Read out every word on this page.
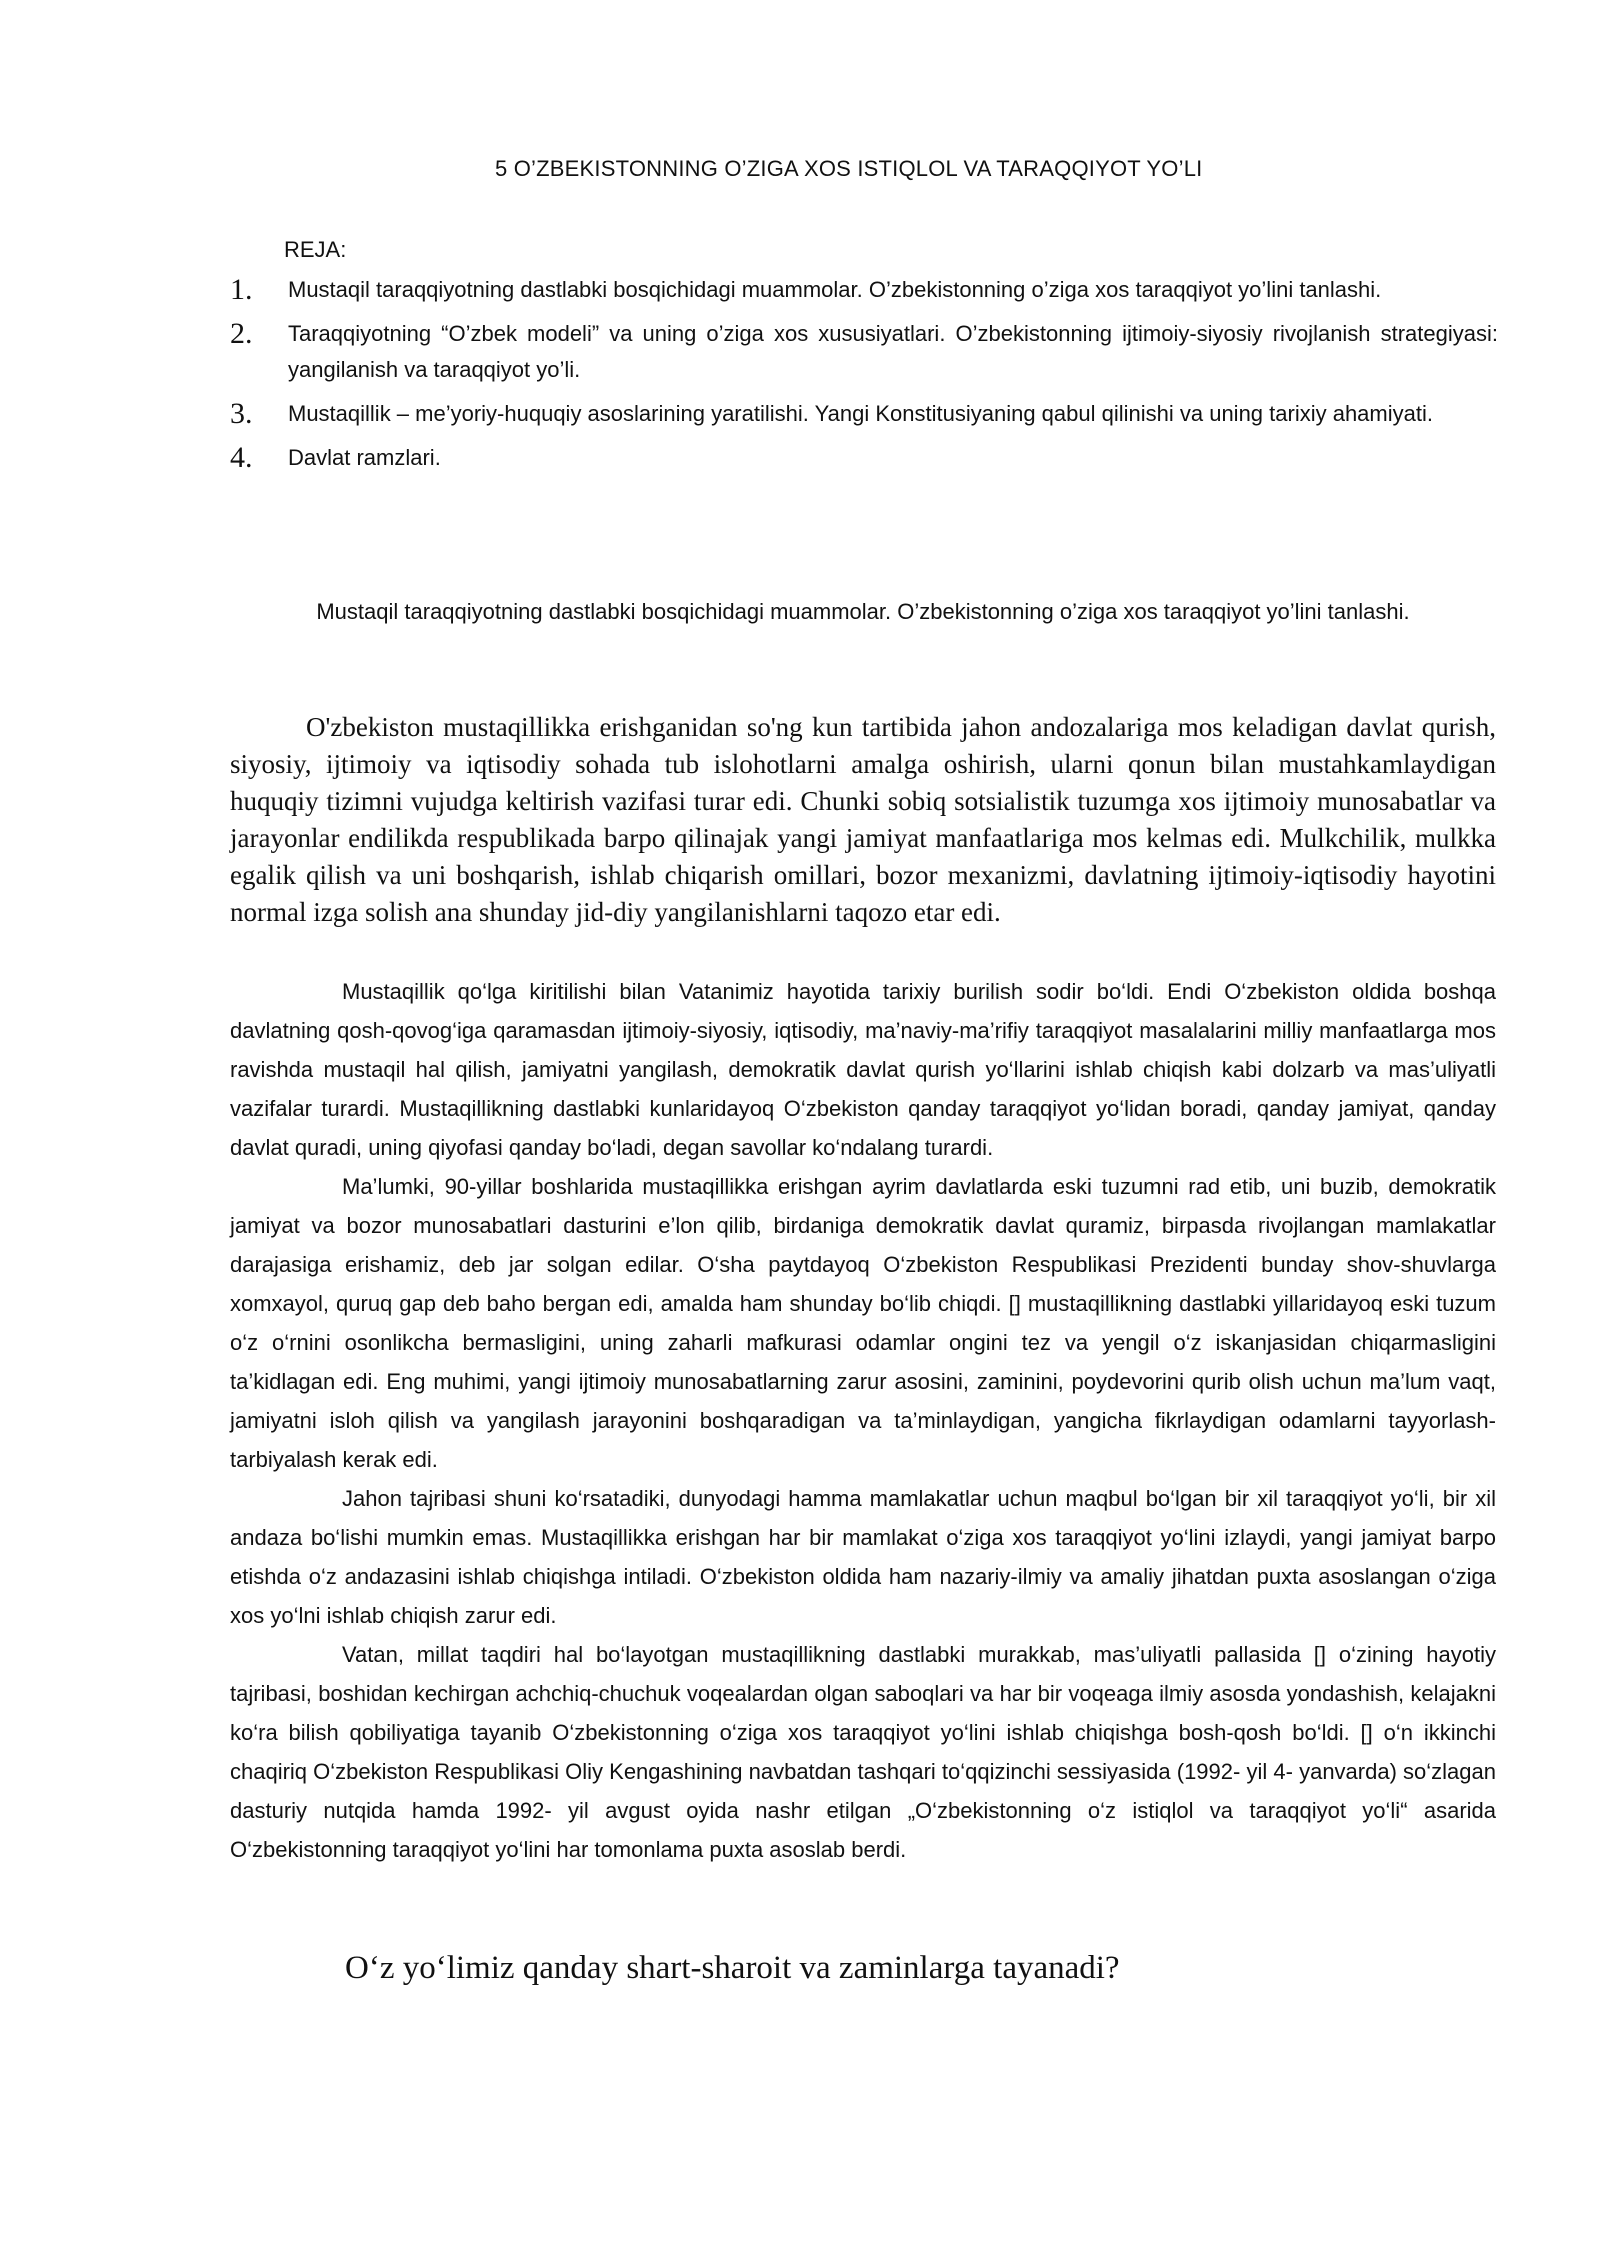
5 O’ZBEKISTONNING O’ZIGA XOS ISTIQLOL VA TARAQQIYOT YO’LI
REJA:
1. Mustaqil taraqqiyotning dastlabki bosqichidagi muammolar. O’zbekistonning o’ziga xos taraqqiyot yo’lini tanlashi.
2. Taraqqiyotning “O’zbek modeli” va uning o’ziga xos xususiyatlari. O’zbekistonning ijtimoiy-siyosiy rivojlanish strategiyasi: yangilanish va taraqqiyot yo’li.
3. Mustaqillik – me’yoriy-huquqiy asoslarining yaratilishi. Yangi Konstitusiyaning qabul qilinishi va uning tarixiy ahamiyati.
4. Davlat ramzlari.
Mustaqil taraqqiyotning dastlabki bosqichidagi muammolar. O’zbekistonning o’ziga xos taraqqiyot yo’lini tanlashi.

O'zbekiston mustaqillikka erishganidan so'ng kun tartibida jahon andozalariga mos keladigan davlat qurish, siyosiy, ijtimoiy va iqtisodiy sohada tub islohotlarni amalga oshirish, ularni qonun bilan mustahkamlaydigan huquqiy tizimni vujudga keltirish vazifasi turar edi. Chunki sobiq sotsialistik tuzumga xos ijtimoiy munosabatlar va jarayonlar endilikda respublikada barpo qilinajak yangi jamiyat manfaatlariga mos kelmas edi. Mulkchilik, mulkka egalik qilish va uni boshqarish, ishlab chiqarish omillari, bozor mexanizmi, davlatning ijtimoiy-iqtisodiy hayotini normal izga solish ana shunday jid-diy yangilanishlarni taqozo etar edi.

Mustaqillik qo‘lga kiritilishi bilan Vatanimiz hayotida tarixiy burilish sodir bo‘ldi. Endi O‘zbekiston oldida boshqa davlatning qosh-qovog‘iga qaramasdan ijtimoiy-siyosiy, iqtisodiy, ma’naviy-ma’rifiy taraqqiyot masalalarini milliy manfaatlarga mos ravishda mustaqil hal qilish, jamiyatni yangilash, demokratik davlat qurish yo‘llarini ishlab chiqish kabi dolzarb va mas’uliyatli vazifalar turardi. Mustaqillikning dastlabki kunlaridayoq O‘zbekiston qanday taraqqiyot yo‘lidan boradi, qanday jamiyat, qanday davlat quradi, uning qiyofasi qanday bo‘ladi, degan savollar ko‘ndalang turardi.

Ma’lumki, 90-yillar boshlarida mustaqillikka erishgan ayrim davlatlarda eski tuzumni rad etib, uni buzib, demokratik jamiyat va bozor munosabatlari dasturini e’lon qilib, birdaniga demokratik davlat quramiz, birpasda rivojlangan mamlakatlar darajasiga erishamiz, deb jar solgan edilar. O‘sha paytdayoq O‘zbekiston Respublikasi Prezidenti bunday shov-shuvlarga xomxayol, quruq gap deb baho bergan edi, amalda ham shunday bo‘lib chiqdi. [] mustaqillikning dastlabki yillaridayoq eski tuzum o‘z o‘rnini osonlikcha bermasligini, uning zaharli mafkurasi odamlar ongini tez va yengil o‘z iskanjasidan chiqarmasligini ta’kidlagan edi. Eng muhimi, yangi ijtimoiy munosabatlarning zarur asosini, zaminini, poydevorini qurib olish uchun ma’lum vaqt, jamiyatni isloh qilish va yangilash jarayonini boshqaradigan va ta’minlaydigan, yangicha fikrlaydigan odamlarni tayyorlash-tarbiyalash kerak edi.

Jahon tajribasi shuni ko‘rsatadiki, dunyodagi hamma mamlakatlar uchun maqbul bo‘lgan bir xil taraqqiyot yo‘li, bir xil andaza bo‘lishi mumkin emas. Mustaqillikka erishgan har bir mamlakat o‘ziga xos taraqqiyot yo‘lini izlaydi, yangi jamiyat barpo etishda o‘z andazasini ishlab chiqishga intiladi. O‘zbekiston oldida ham nazariy-ilmiy va amaliy jihatdan puxta asoslangan o‘ziga xos yo‘lni ishlab chiqish zarur edi.

Vatan, millat taqdiri hal bo‘layotgan mustaqillikning dastlabki murakkab, mas’uliyatli pallasida [] o‘zining hayotiy tajribasi, boshidan kechirgan achchiq-chuchuk voqealardan olgan saboqlari va har bir voqeaga ilmiy asosda yondashish, kelajakni ko‘ra bilish qobiliyatiga tayanib O‘zbekistonning o‘ziga xos taraqqiyot yo‘lini ishlab chiqishga bosh-qosh bo‘ldi. [] o‘n ikkinchi chaqiriq O‘zbekiston Respublikasi Oliy Kengashining navbatdan tashqari to‘qqizinchi sessiyasida (1992- yil 4- yanvarda) so‘zlagan dasturiy nutqida hamda 1992- yil avgust oyida nashr etilgan „O‘zbekistonning o‘z istiqlol va taraqqiyot yo‘li“ asarida O‘zbekistonning taraqqiyot yo‘lini har tomonlama puxta asoslab berdi.

O‘z yo‘limiz qanday shart-sharoit va zaminlarga tayanadi?
